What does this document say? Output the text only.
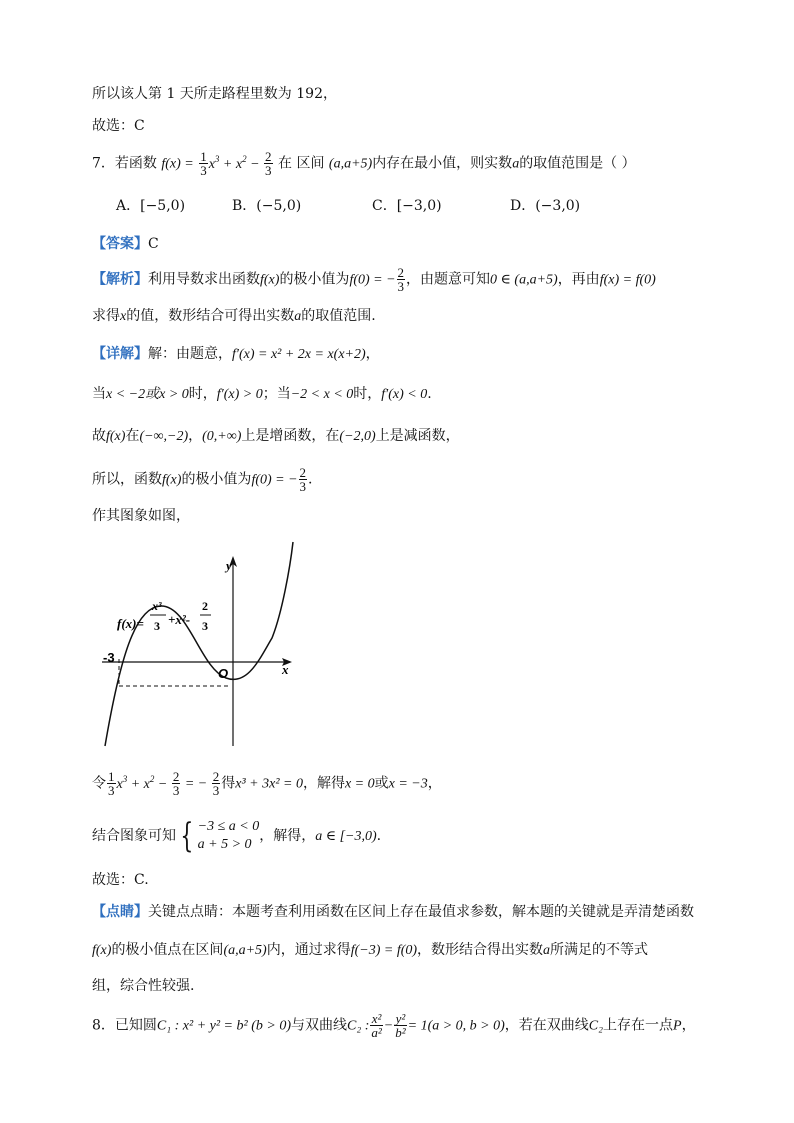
所以该人第 1 天所走路程里数为 192，
故选：C
7．若函数 $f(x) = \frac{1}{3} x^3 + x^2 - \frac{2}{3}$ 在 区间 (a,a+5)内存在最小值，则实数a的取值范围是（ ）
A．[−5,0)	B．(−5,0)	C．[−3,0)	D．(−3,0)
【答案】C
【解析】利用导数求出函数f(x)的极小值为f(0) = − $\frac{2}{3}$ ，由题意可知0 ∈ (a,a+5)，再由f(x) = f(0)
求得x的值，数形结合可得出实数a的取值范围.
【详解】解：由题意，f′(x) = x² + 2x = x(x+2)，
当x < −2或x > 0时，f′(x) > 0；当−2 < x < 0时，f′(x) < 0.
故f(x)在(−∞,−2)，(0,+∞)上是增函数，在(−2,0)上是减函数，
所以，函数f(x)的极小值为f(0) = − $\frac{2}{3}$ .
作其图象如图，
y
x
O
-3
f(x)=
x³
3 +x²-
2
3
令 $\frac{1}{3} x^3 + x^2 - \frac{2}{3}$ = − $\frac{2}{3}$ 得x³ + 3x² = 0，解得x = 0或x = −3，
结合图象可知 { −3 ≤ a < 0
a + 5 > 0
，解得，a ∈ [−3,0).
故选：C.
【点睛】关键点点睛：本题考查利用函数在区间上存在最值求参数，解本题的关键就是弄清楚函数
f(x)的极小值点在区间(a,a+5)内，通过求得f(−3) = f(0)，数形结合得出实数a所满足的不等式
组，综合性较强.
8．已知圆C₁ : x² + y² = b² (b > 0)与双曲线C₂ : $\frac{\text{x²}}{\text{a²}} - \frac{\text{y²}}{\text{b²}} = 1(a > 0$, b > 0)，若在双曲线C₂上存在一点P，
